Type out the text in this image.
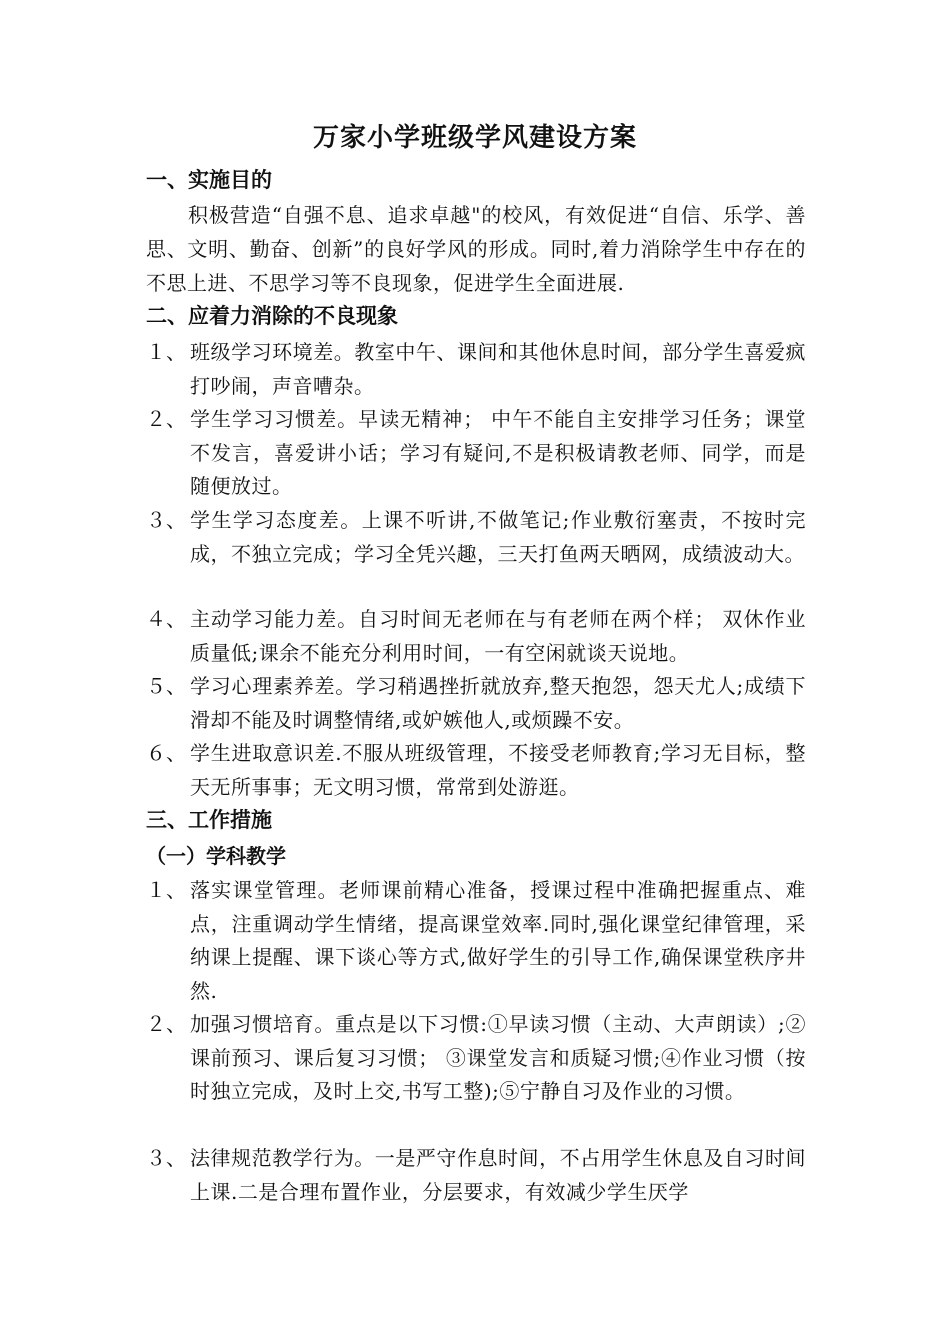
万家小学班级学风建设方案
一、实施目的
积极营造“自强不息、追求卓越"的校风，有效促进“自信、乐学、善思、文明、勤奋、创新”的良好学风的形成。同时,着力消除学生中存在的不思上进、不思学习等不良现象，促进学生全面进展.
二、应着力消除的不良现象
１、 班级学习环境差。教室中午、课间和其他休息时间，部分学生喜爱疯打吵闹，声音嘈杂。
２、 学生学习习惯差。早读无精神； 中午不能自主安排学习任务；课堂不发言，喜爱讲小话；学习有疑问,不是积极请教老师、同学，而是随便放过。
３、 学生学习态度差。上课不听讲,不做笔记;作业敷衍塞责，不按时完成，不独立完成；学习全凭兴趣，三天打鱼两天晒网，成绩波动大。
４、 主动学习能力差。自习时间无老师在与有老师在两个样； 双休作业质量低;课余不能充分利用时间，一有空闲就谈天说地。
５、 学习心理素养差。学习稍遇挫折就放弃,整天抱怨，怨天尤人;成绩下滑却不能及时调整情绪,或妒嫉他人,或烦躁不安。
６、 学生进取意识差.不服从班级管理，不接受老师教育;学习无目标，整天无所事事；无文明习惯，常常到处游逛。
三、工作措施
（一）学科教学
１、 落实课堂管理。老师课前精心准备，授课过程中准确把握重点、难点，注重调动学生情绪，提高课堂效率.同时,强化课堂纪律管理，采纳课上提醒、课下谈心等方式,做好学生的引导工作,确保课堂秩序井然.
２、 加强习惯培育。重点是以下习惯:①早读习惯（主动、大声朗读）;②课前预习、课后复习习惯； ③课堂发言和质疑习惯;④作业习惯（按时独立完成，及时上交,书写工整);⑤宁静自习及作业的习惯。
３、 法律规范教学行为。一是严守作息时间，不占用学生休息及自习时间上课.二是合理布置作业，分层要求，有效减少学生厌学
